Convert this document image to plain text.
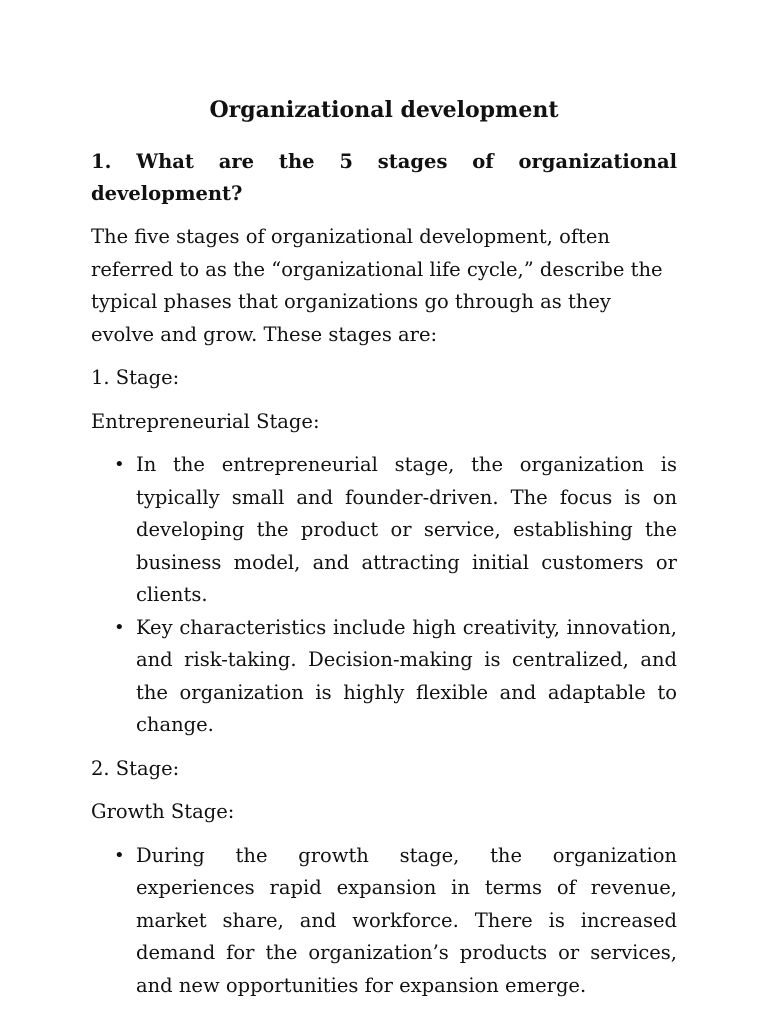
Organizational development
1. What are the 5 stages of organizational development?

The five stages of organizational development, often referred to as the “organizational life cycle,” describe the typical phases that organizations go through as they evolve and grow. These stages are:

1. Stage:

Entrepreneurial Stage:

• In the entrepreneurial stage, the organization is typically small and founder-driven. The focus is on developing the product or service, establishing the business model, and attracting initial customers or clients.
• Key characteristics include high creativity, innovation, and risk-taking. Decision-making is centralized, and the organization is highly flexible and adaptable to change.

2. Stage:

Growth Stage:

• During the growth stage, the organization experiences rapid expansion in terms of revenue, market share, and workforce. There is increased demand for the organization’s products or services, and new opportunities for expansion emerge.
